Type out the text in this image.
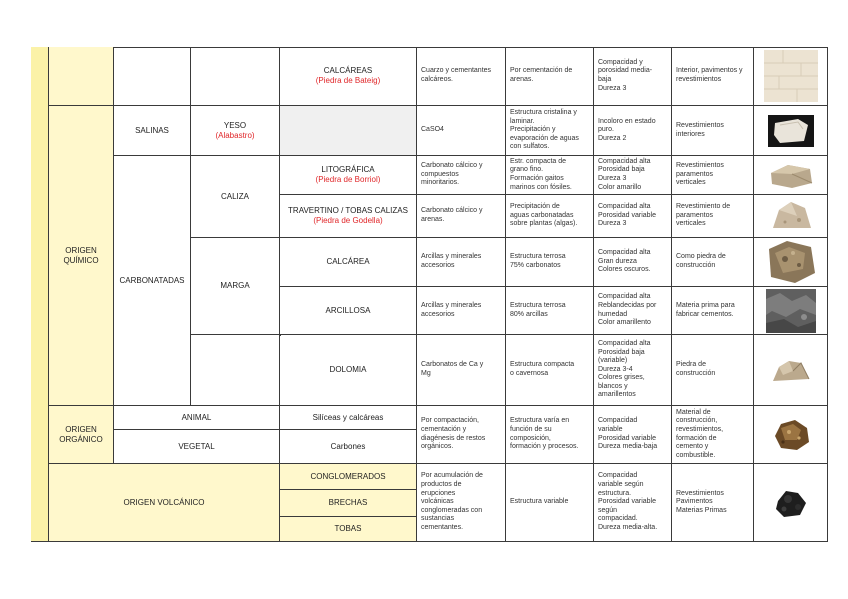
CALCÁREAS
(Piedra de Bateig)
Cuarzo y cementantes calcáreos.
Por cementación de arenas.
Compacidad y porosidad media-
baja
Dureza 3
Interior, pavimentos y revestimientos
SALINAS
YESO
(Alabastro)
CaSO4
Estructura cristalina y
laminar.
Precipitación y
evaporación de aguas
con sulfatos.
Incoloro en estado
puro.
Dureza 2
Revestimientos interiores
ORIGEN
QUÍMICO
CARBONATADAS
CALIZA
MARGA
LITOGRÁFICA
(Piedra de Borriol)
Carbonato cálcico y
compuestos
minoritarios.
Estr. compacta de
grano fino.
Formación gaitos
marinos con fósiles.
Compacidad alta
Porosidad baja
Dureza 3
Color amarillo
Revestimientos
paramentos
verticales
TRAVERTINO / TOBAS CALIZAS
(Piedra de Godella)
Carbonato cálcico y
arenas.
Precipitación de
aguas carbonatadas
sobre plantas (algas).
Compacidad alta
Porosidad variable
Dureza 3
Revestimiento de
paramentos
verticales
CALCÁREA
Arcillas y minerales
accesorios
Estructura terrosa
75% carbonatos
Compacidad alta
Gran dureza
Colores oscuros.
Como piedra de
construcción
ARCILLOSA
Arcillas y minerales
accesorios
Estructura terrosa
80% arcillas
Compacidad alta
Reblandecidas por
humedad
Color amarillento
Materia prima para
fabricar cementos.
DOLOMIA
Carbonatos de Ca y
Mg
Estructura compacta
o cavernosa
Compacidad alta
Porosidad baja
(variable)
Dureza 3-4
Colores grises,
blancos y
amarillentos
Piedra de
construcción
ORIGEN
ORGÁNICO
ANIMAL	Silíceas y calcáreas
VEGETAL	Carbones
Por compactación,
cementación y
diagénesis de restos
orgánicos.
Estructura varía en
función de su
composición,
formación y procesos.
Compacidad
variable
Porosidad variable
Dureza media-baja
Material de
construcción,
revestimientos,
formación de
cemento y
combustible.
ORIGEN VOLCÁNICO
CONGLOMERADOS
BRECHAS
TOBAS
Por acumulación de
productos de
erupciones
volcánicas
conglomeradas con
sustancias
cementantes.
Estructura variable
Compacidad
variable según
estructura.
Porosidad variable
según
compacidad.
Dureza media-alta.
Revestimientos
Pavimentos
Materias Primas
